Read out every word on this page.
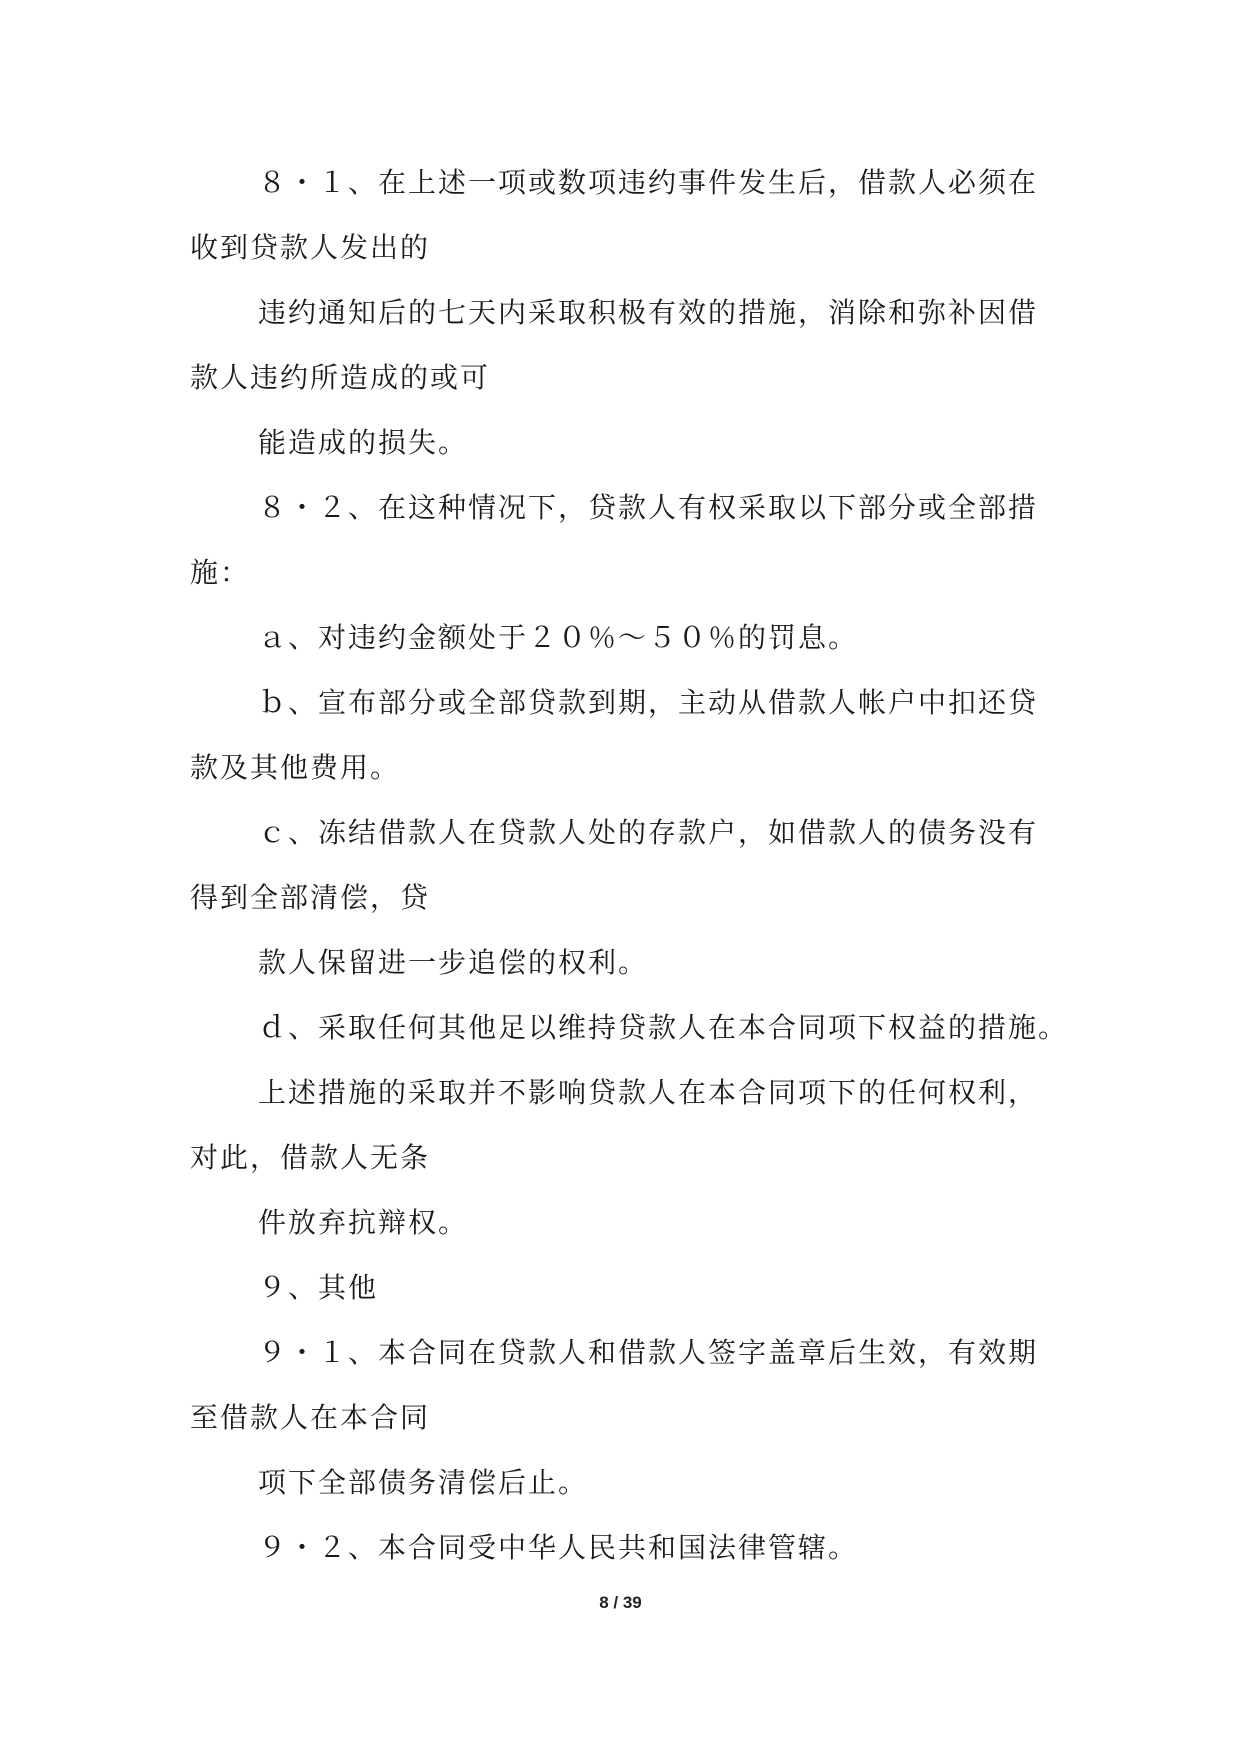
８・１、在上述一项或数项违约事件发生后，借款人必须在
收到贷款人发出的
违约通知后的七天内采取积极有效的措施，消除和弥补因借
款人违约所造成的或可
能造成的损失。
８・２、在这种情况下，贷款人有权采取以下部分或全部措
施：
ａ、对违约金额处于２０％～５０％的罚息。
ｂ、宣布部分或全部贷款到期，主动从借款人帐户中扣还贷
款及其他费用。
ｃ、冻结借款人在贷款人处的存款户，如借款人的债务没有
得到全部清偿，贷
款人保留进一步追偿的权利。
ｄ、采取任何其他足以维持贷款人在本合同项下权益的措施。
上述措施的采取并不影响贷款人在本合同项下的任何权利，
对此，借款人无条
件放弃抗辩权。
９、其他
９・１、本合同在贷款人和借款人签字盖章后生效，有效期
至借款人在本合同
项下全部债务清偿后止。
９・２、本合同受中华人民共和国法律管辖。
8 / 39
